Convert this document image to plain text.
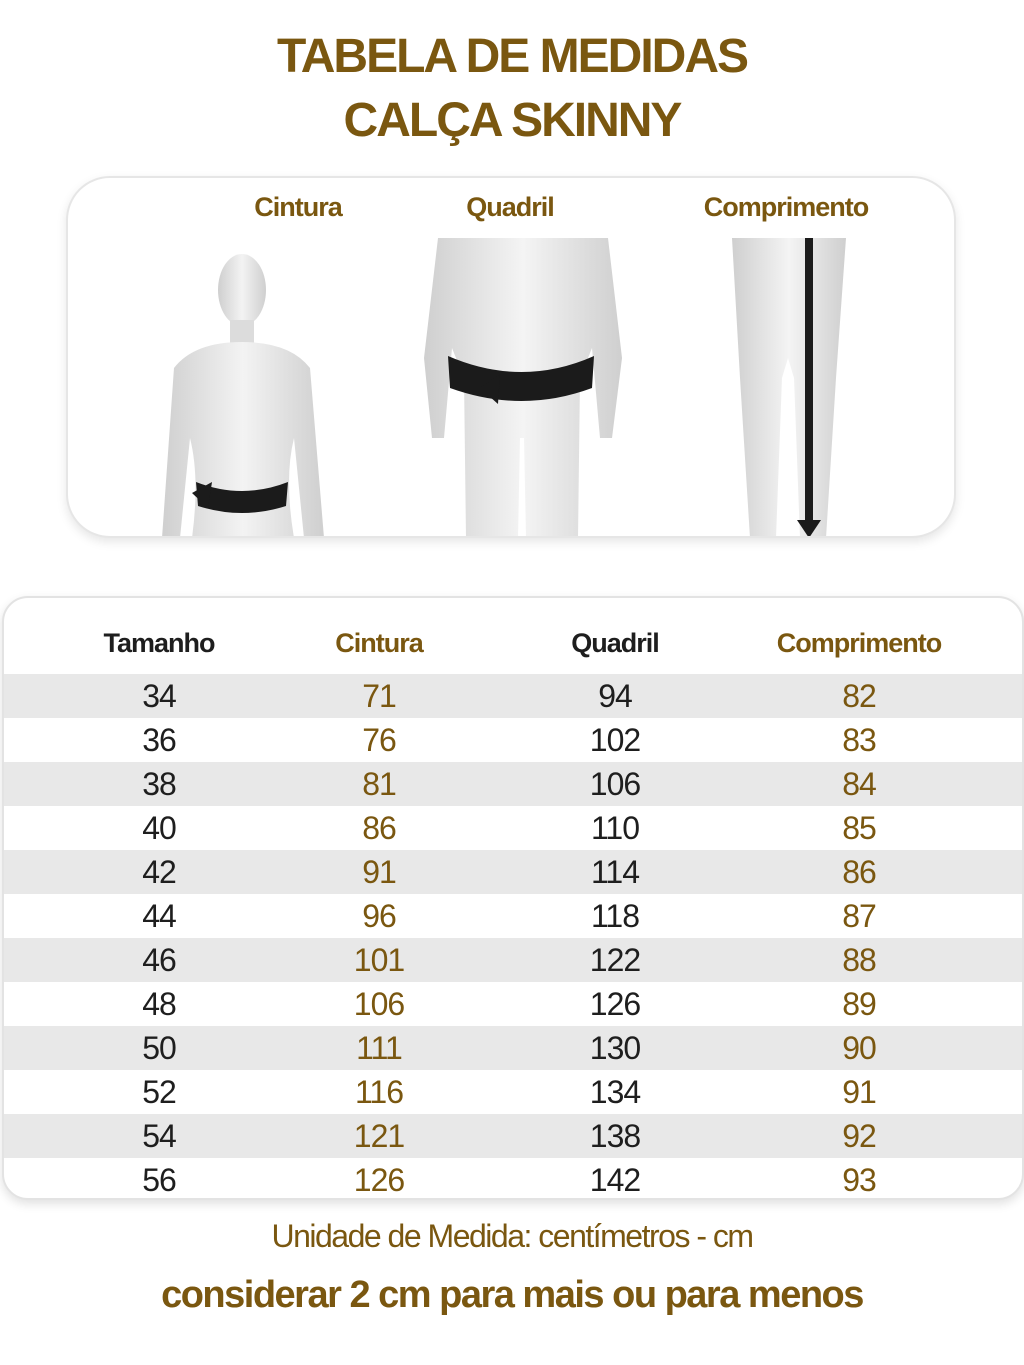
TABELA DE MEDIDAS
CALÇA SKINNY
Cintura	Quadril	Comprimento
Tamanho	Cintura	Quadril	Comprimento
34	71	94	82
36	76	102	83
38	81	106	84
40	86	110	85
42	91	114	86
44	96	118	87
46	101	122	88
48	106	126	89
50	111	130	90
52	116	134	91
54	121	138	92
56	126	142	93
Unidade de Medida: centímetros - cm
considerar 2 cm para mais ou para menos
